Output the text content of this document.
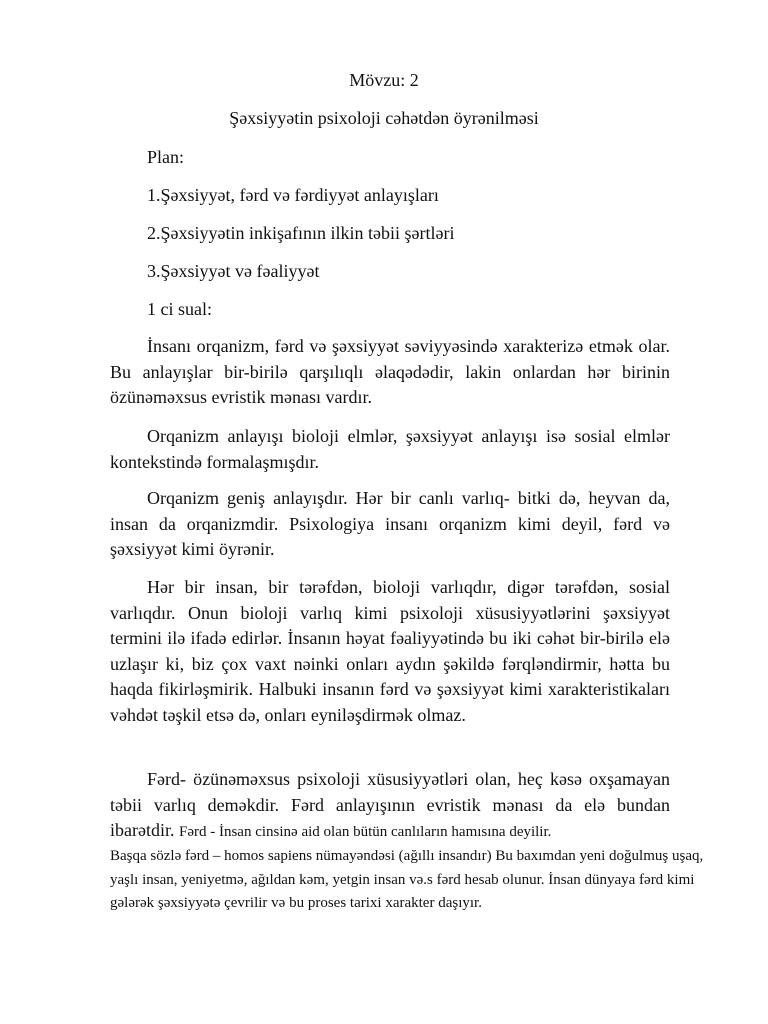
Mövzu: 2

Şəxsiyyətin psixoloji cəhətdən öyrənilməsi

Plan:

1.Şəxsiyyət, fərd və fərdiyyət anlayışları

2.Şəxsiyyətin inkişafının ilkin təbii şərtləri

3.Şəxsiyyət və fəaliyyət

1 ci sual:

İnsanı orqanizm, fərd və şəxsiyyət səviyyəsində xarakterizə etmək olar. Bu anlayışlar bir-birilə qarşılıqlı əlaqədədir, lakin onlardan hər birinin özünəməxsus evristik mənası vardır.

Orqanizm anlayışı bioloji elmlər, şəxsiyyət anlayışı isə sosial elmlər kontekstində formalaşmışdır.

Orqanizm geniş anlayışdır. Hər bir canlı varlıq- bitki də, heyvan da, insan da orqanizmdir. Psixologiya insanı orqanizm kimi deyil, fərd və şəxsiyyət kimi öyrənir.

Hər bir insan, bir tərəfdən, bioloji varlıqdır, digər tərəfdən, sosial varlıqdır. Onun bioloji varlıq kimi psixoloji xüsusiyyətlərini şəxsiyyət termini ilə ifadə edirlər. İnsanın həyat fəaliyyətində bu iki cəhət bir-birilə elə uzlaşır ki, biz çox vaxt nəinki onları aydın şəkildə fərqləndirmir, hətta bu haqda fikirləşmirik. Halbuki insanın fərd və şəxsiyyət kimi xarakteristikaları vəhdət təşkil etsə də, onları eyniləşdirmək olmaz.

Fərd- özünəməxsus psixoloji xüsusiyyətləri olan, heç kəsə oxşamayan təbii varlıq deməkdir. Fərd anlayışının evristik mənası da elə bundan ibarətdir. Fərd - İnsan cinsinə aid olan bütün canlıların hamısına deyilir.

Başqa sözlə fərd – homos sapiens nümayəndəsi (ağıllı insandır) Bu baxımdan yeni doğulmuş uşaq, yaşlı insan, yeniyetmə, ağıldan kəm, yetgin insan və.s fərd hesab olunur. İnsan dünyaya fərd kimi gələrək şəxsiyyətə çevrilir və bu proses tarixi xarakter daşıyır.
